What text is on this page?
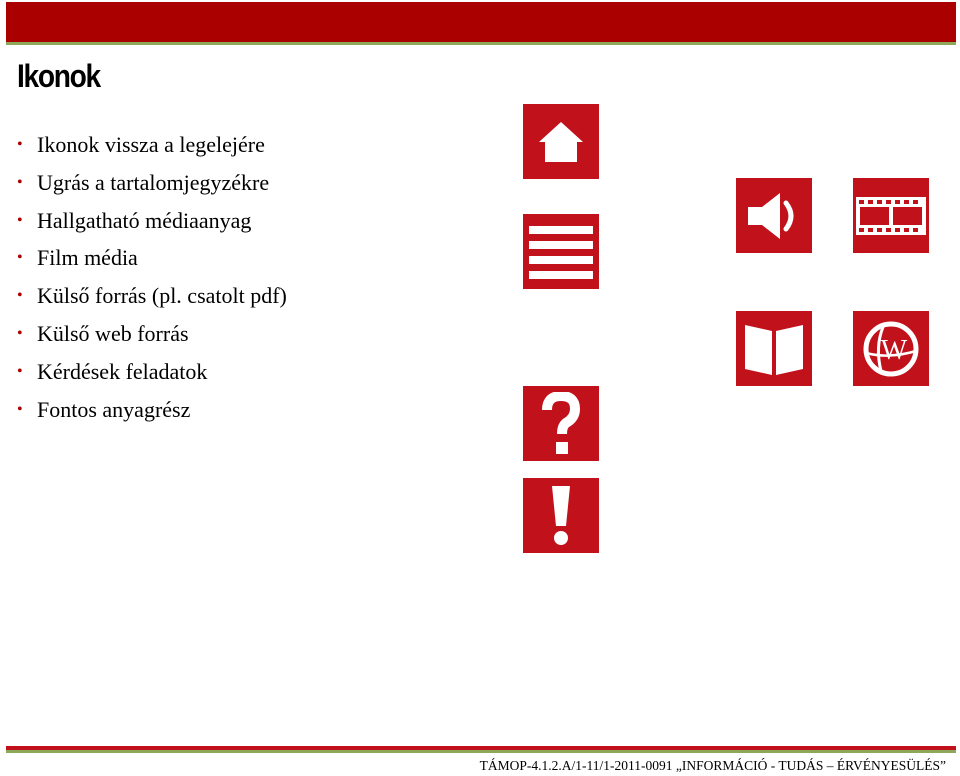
Ikonok
• Ikonok vissza a legelejére
• Ugrás a tartalomjegyzékre
• Hallgatható médiaanyag
• Film média
• Külső forrás (pl. csatolt pdf)
• Külső web forrás
• Kérdések feladatok
• Fontos anyagrész
W
TÁMOP-4.1.2.A/1-11/1-2011-0091 „INFORMÁCIÓ - TUDÁS – ÉRVÉNYESÜLÉS”
